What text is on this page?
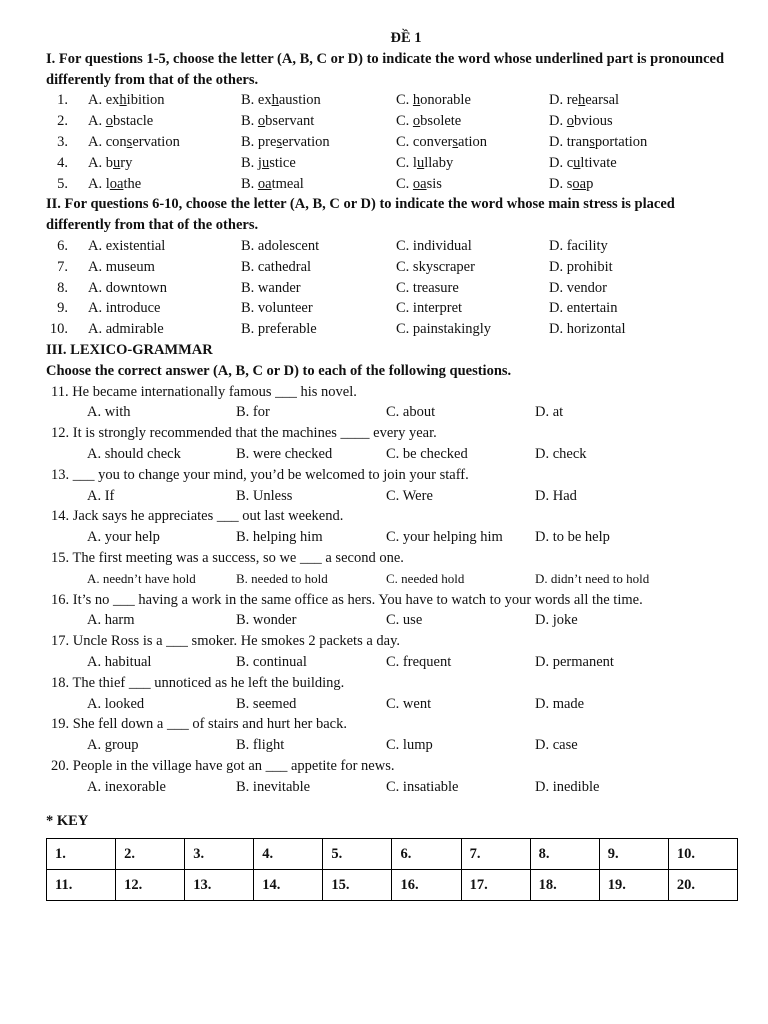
ĐỀ 1
I. For questions 1-5, choose the letter (A, B, C or D) to indicate the word whose underlined part is pronounced differently from that of the others.
1. A. exhibition	B. exhaustion	C. honorable	D. rehearsal
2. A. obstacle	B. observant	C. obsolete	D. obvious
3. A. conservation	B. preservation	C. conversation	D. transportation
4. A. bury	B. justice	C. lullaby	D. cultivate
5. A. loathe	B. oatmeal	C. oasis	D. soap
II. For questions 6-10, choose the letter (A, B, C or D) to indicate the word whose main stress is placed differently from that of the others.
6. A. existential	B. adolescent	C. individual	D. facility
7. A. museum	B. cathedral	C. skyscraper	D. prohibit
8. A. downtown	B. wander	C. treasure	D. vendor
9. A. introduce	B. volunteer	C. interpret	D. entertain
10. A. admirable	B. preferable	C. painstakingly	D. horizontal
III. LEXICO-GRAMMAR
Choose the correct answer (A, B, C or D) to each of the following questions.
11. He became internationally famous ___ his novel.
A. with	B. for	C. about	D. at
12. It is strongly recommended that the machines ____ every year.
A. should check	B. were checked	C. be checked	D. check
13. ___ you to change your mind, you’d be welcomed to join your staff.
A. If	B. Unless	C. Were	D. Had
14. Jack says he appreciates ___ out last weekend.
A. your help	B. helping him	C. your helping him	D. to be help
15. The first meeting was a success, so we ___ a second one.
A. needn’t have hold	B. needed to hold	C. needed hold	D. didn’t need to hold
16. It’s no ___ having a work in the same office as hers. You have to watch to your words all the time.
A. harm	B. wonder	C. use	D. joke
17. Uncle Ross is a ___ smoker. He smokes 2 packets a day.
A. habitual	B. continual	C. frequent	D. permanent
18. The thief ___ unnoticed as he left the building.
A. looked	B. seemed	C. went	D. made
19. She fell down a ___ of stairs and hurt her back.
A. group	B. flight	C. lump	D. case
20. People in the village have got an ___ appetite for news.
A. inexorable	B. inevitable	C. insatiable	D. inedible
* KEY
1.	2.	3.	4.	5.	6.	7.	8.	9.	10.
11.	12.	13.	14.	15.	16.	17.	18.	19.	20.
